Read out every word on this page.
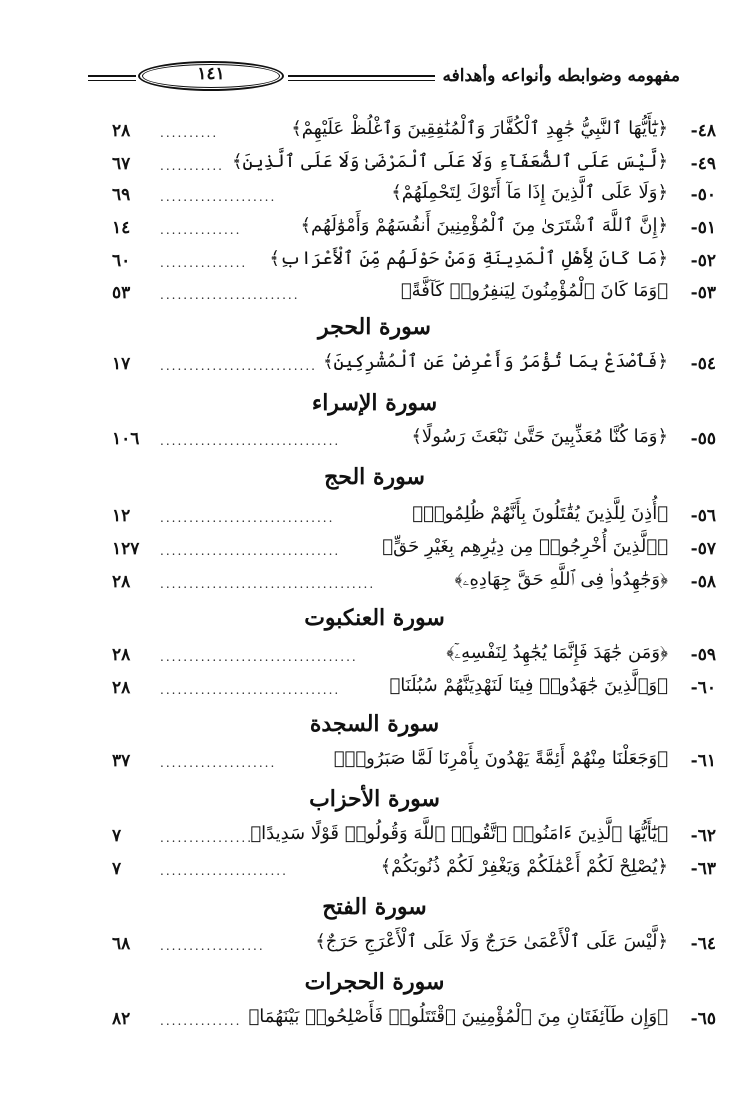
مفهومه وضوابطه وأنواعه وأهدافه
١٤١
٤٨-
﴿يَٰٓأَيُّهَا ٱلنَّبِيُّ جَٰهِدِ ٱلْكُفَّارَ وَٱلْمُنَٰفِقِينَ وَٱغْلُظْ عَلَيْهِمْ﴾
..........
٢٨
٤٩-
﴿لَّيْسَ عَلَى ٱلضُّعَفَآءِ وَلَا عَلَى ٱلْمَرْضَىٰ وَلَا عَلَى ٱلَّذِينَ﴾
...........
٦٧
٥٠-
﴿وَلَا عَلَى ٱلَّذِينَ إِذَا مَآ أَتَوْكَ لِتَحْمِلَهُمْ﴾
....................
٦٩
٥١-
﴿إِنَّ ٱللَّهَ ٱشْتَرَىٰ مِنَ ٱلْمُؤْمِنِينَ أَنفُسَهُمْ وَأَمْوَٰلَهُم﴾
..............
١٤
٥٢-
﴿مَا كَانَ لِأَهْلِ ٱلْمَدِينَةِ وَمَنْ حَوْلَهُم مِّنَ ٱلْأَعْرَابِ﴾
...............
٦٠
٥٣-
﴿وَمَا كَانَ ٱلْمُؤْمِنُونَ لِيَنفِرُوا۟ كَآفَّةً﴾
........................
٥٣
سورة الحجر
٥٤-
﴿فَٱصْدَعْ بِمَا تُؤْمَرُ وَأَعْرِضْ عَنِ ٱلْمُشْرِكِينَ﴾
...........................
١٧
سورة الإسراء
٥٥-
﴿وَمَا كُنَّا مُعَذِّبِينَ حَتَّىٰ نَبْعَثَ رَسُولًا﴾
...............................
١٠٦
سورة الحج
٥٦-
﴿أُذِنَ لِلَّذِينَ يُقَٰتَلُونَ بِأَنَّهُمْ ظُلِمُوا۟﴾
..............................
١٢
٥٧-
﴿ٱلَّذِينَ أُخْرِجُوا۟ مِن دِيَٰرِهِم بِغَيْرِ حَقٍّ﴾
...............................
١٢٧
٥٨-
﴿وَجَٰهِدُوا۟ فِى ٱللَّهِ حَقَّ جِهَادِهِۦ﴾
.....................................
٢٨
سورة العنكبوت
٥٩-
﴿وَمَن جَٰهَدَ فَإِنَّمَا يُجَٰهِدُ لِنَفْسِهِۦٓ﴾
..................................
٢٨
٦٠-
﴿وَٱلَّذِينَ جَٰهَدُوا۟ فِينَا لَنَهْدِيَنَّهُمْ سُبُلَنَا﴾
...............................
٢٨
سورة السجدة
٦١-
﴿وَجَعَلْنَا مِنْهُمْ أَئِمَّةً يَهْدُونَ بِأَمْرِنَا لَمَّا صَبَرُوا۟﴾
....................
٣٧
سورة الأحزاب
٦٢-
﴿يَٰٓأَيُّهَا ٱلَّذِينَ ءَامَنُوا۟ ٱتَّقُوا۟ ٱللَّهَ وَقُولُوا۟ قَوْلًا سَدِيدًا﴾
................
٧
٦٣-
﴿يُصْلِحْ لَكُمْ أَعْمَٰلَكُمْ وَيَغْفِرْ لَكُمْ ذُنُوبَكُمْ﴾
......................
٧
سورة الفتح
٦٤-
﴿لَّيْسَ عَلَى ٱلْأَعْمَىٰ حَرَجٌ وَلَا عَلَى ٱلْأَعْرَجِ حَرَجٌ﴾
..................
٦٨
سورة الحجرات
٦٥-
﴿وَإِن طَآئِفَتَانِ مِنَ ٱلْمُؤْمِنِينَ ٱقْتَتَلُوا۟ فَأَصْلِحُوا۟ بَيْنَهُمَا﴾
..............
٨٢
